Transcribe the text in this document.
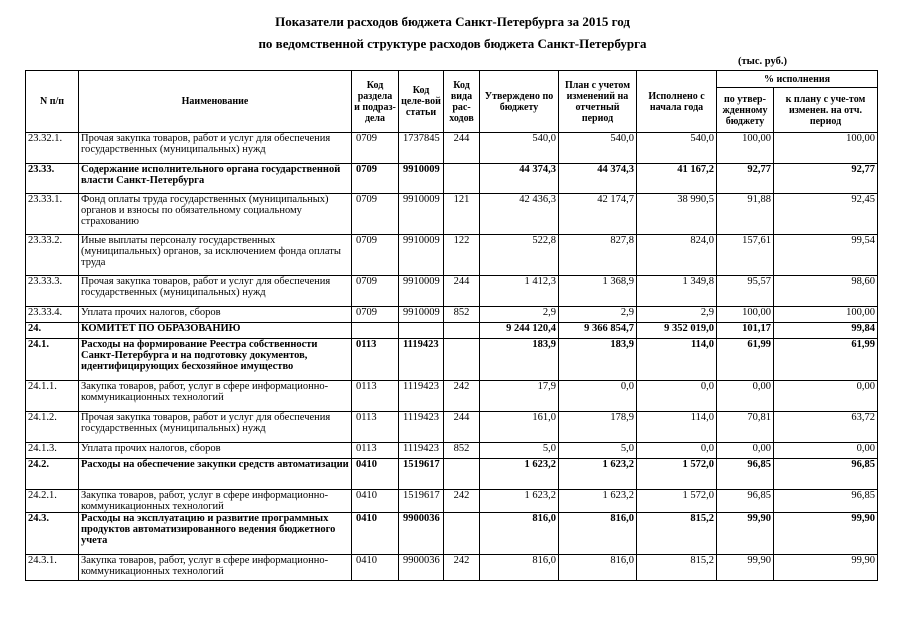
Показатели расходов бюджета Санкт-Петербурга за 2015 год
по ведомственной структуре расходов бюджета Санкт-Петербурга
(тыс. руб.)
N п/п	Наименование	Код раздела и подраз-дела	Код целе-вой статьи	Код вида рас-ходов	Утверждено по бюджету	План с учетом изменений на отчетный период	Исполнено с начала года	% исполнения	
								по утвер-жденному бюджету	к плану с уче-том изменен. на отч. период
23.32.1.	Прочая закупка товаров, работ и услуг для обеспечения государственных (муниципальных) нужд	0709	1737845	244	540,0	540,0	540,0	100,00	100,00
23.33.	Содержание исполнительного органа государственной власти Санкт-Петербурга	0709	9910009		44 374,3	44 374,3	41 167,2	92,77	92,77
23.33.1.	Фонд оплаты труда государственных (муниципальных) органов и взносы по обязательному социальному страхованию	0709	9910009	121	42 436,3	42 174,7	38 990,5	91,88	92,45
23.33.2.	Иные выплаты персоналу государственных (муниципальных) органов, за исключением фонда оплаты труда	0709	9910009	122	522,8	827,8	824,0	157,61	99,54
23.33.3.	Прочая закупка товаров, работ и услуг для обеспечения государственных (муниципальных) нужд	0709	9910009	244	1 412,3	1 368,9	1 349,8	95,57	98,60
23.33.4.	Уплата прочих налогов, сборов	0709	9910009	852	2,9	2,9	2,9	100,00	100,00
24.	КОМИТЕТ ПО ОБРАЗОВАНИЮ				9 244 120,4	9 366 854,7	9 352 019,0	101,17	99,84
24.1.	Расходы на формирование Реестра собственности Санкт-Петербурга и на подготовку документов, идентифицирующих бесхозяйное имущество	0113	1119423		183,9	183,9	114,0	61,99	61,99
24.1.1.	Закупка товаров, работ, услуг в сфере информационно-коммуникационных технологий	0113	1119423	242	17,9	0,0	0,0	0,00	0,00
24.1.2.	Прочая закупка товаров, работ и услуг для обеспечения государственных (муниципальных) нужд	0113	1119423	244	161,0	178,9	114,0	70,81	63,72
24.1.3.	Уплата прочих налогов, сборов	0113	1119423	852	5,0	5,0	0,0	0,00	0,00
24.2.	Расходы на обеспечение закупки средств автоматизации	0410	1519617		1 623,2	1 623,2	1 572,0	96,85	96,85
24.2.1.	Закупка товаров, работ, услуг в сфере информационно-коммуникационных технологий	0410	1519617	242	1 623,2	1 623,2	1 572,0	96,85	96,85
24.3.	Расходы на эксплуатацию и развитие программных продуктов автоматизированного ведения бюджетного учета	0410	9900036		816,0	816,0	815,2	99,90	99,90
24.3.1.	Закупка товаров, работ, услуг в сфере информационно-коммуникационных технологий	0410	9900036	242	816,0	816,0	815,2	99,90	99,90
